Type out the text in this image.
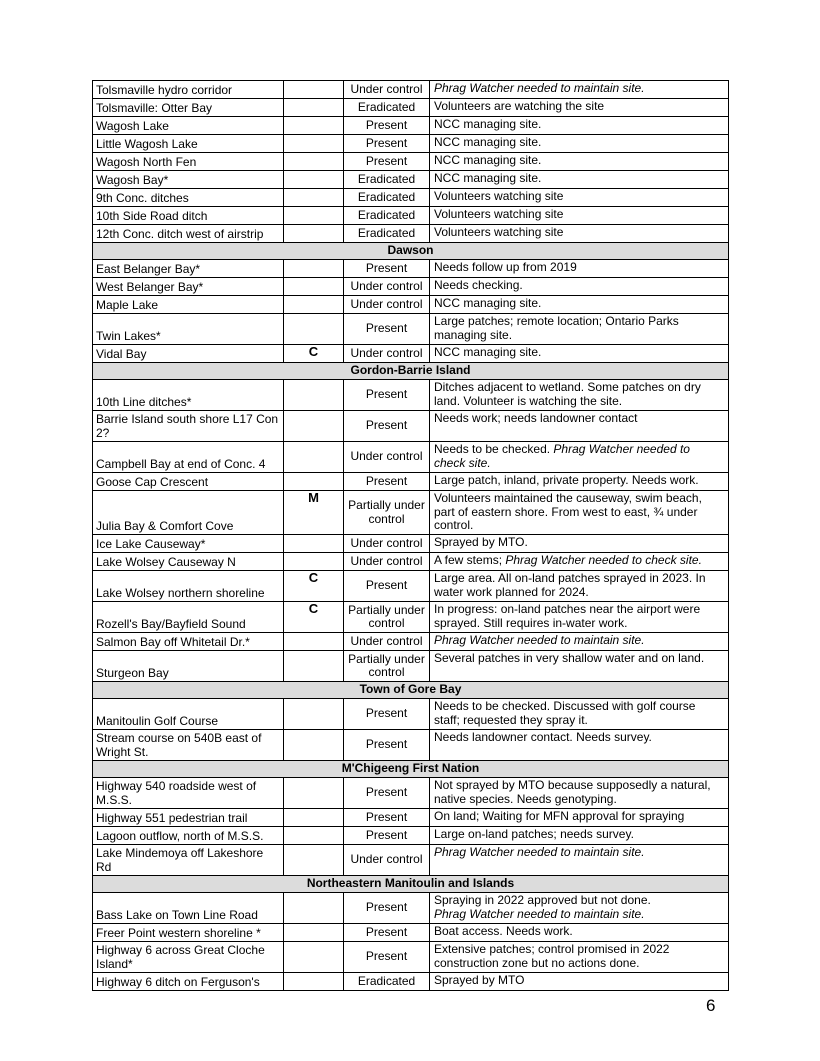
Tolsmaville hydro corridor		Under control	Phrag Watcher needed to maintain site.
Tolsmaville: Otter Bay		Eradicated	Volunteers are watching the site
Wagosh Lake		Present	NCC managing site.
Little Wagosh Lake		Present	NCC managing site.
Wagosh North Fen		Present	NCC managing site.
Wagosh Bay*		Eradicated	NCC managing site.
9th Conc. ditches		Eradicated	Volunteers watching site
10th Side Road ditch		Eradicated	Volunteers watching site
12th Conc. ditch west of airstrip		Eradicated	Volunteers watching site
Dawson			
East Belanger Bay*		Present	Needs follow up from 2019
West Belanger Bay*		Under control	Needs checking.
Maple Lake		Under control	NCC managing site.
Twin Lakes*		Present	Large patches; remote location; Ontario Parks managing site.
Vidal Bay	C	Under control	NCC managing site.
Gordon-Barrie Island			
10th Line ditches*		Present	Ditches adjacent to wetland. Some patches on dry land. Volunteer is watching the site.
Barrie Island south shore L17 Con 2?		Present	Needs work; needs landowner contact
Campbell Bay at end of Conc. 4		Under control	Needs to be checked. Phrag Watcher needed to check site.
Goose Cap Crescent		Present	Large patch, inland, private property. Needs work.
Julia Bay & Comfort Cove	M	Partially under control	Volunteers maintained the causeway, swim beach, part of eastern shore. From west to east, ¾ under control.
Ice Lake Causeway*		Under control	Sprayed by MTO.
Lake Wolsey Causeway N		Under control	A few stems; Phrag Watcher needed to check site.
Lake Wolsey northern shoreline	C	Present	Large area. All on-land patches sprayed in 2023. In water work planned for 2024.
Rozell's Bay/Bayfield Sound	C	Partially under control	In progress: on-land patches near the airport were sprayed. Still requires in-water work.
Salmon Bay off Whitetail Dr.*		Under control	Phrag Watcher needed to maintain site.
Sturgeon Bay		Partially under control	Several patches in very shallow water and on land.
Town of Gore Bay			
Manitoulin Golf Course		Present	Needs to be checked. Discussed with golf course staff; requested they spray it.
Stream course on 540B east of Wright St.		Present	Needs landowner contact. Needs survey.
M'Chigeeng First Nation			
Highway 540 roadside west of M.S.S.		Present	Not sprayed by MTO because supposedly a natural, native species. Needs genotyping.
Highway 551 pedestrian trail		Present	On land; Waiting for MFN approval for spraying
Lagoon outflow, north of M.S.S.		Present	Large on-land patches; needs survey.
Lake Mindemoya off Lakeshore Rd		Under control	Phrag Watcher needed to maintain site.
Northeastern Manitoulin and Islands			
Bass Lake on Town Line Road		Present	Spraying in 2022 approved but not done.
Phrag Watcher needed to maintain site.

Freer Point western shoreline *		Present	Boat access. Needs work.
Highway 6 across Great Cloche Island*		Present	Extensive patches; control promised in 2022 construction zone but no actions done.
Highway 6 ditch on Ferguson's		Eradicated	Sprayed by MTO
6
